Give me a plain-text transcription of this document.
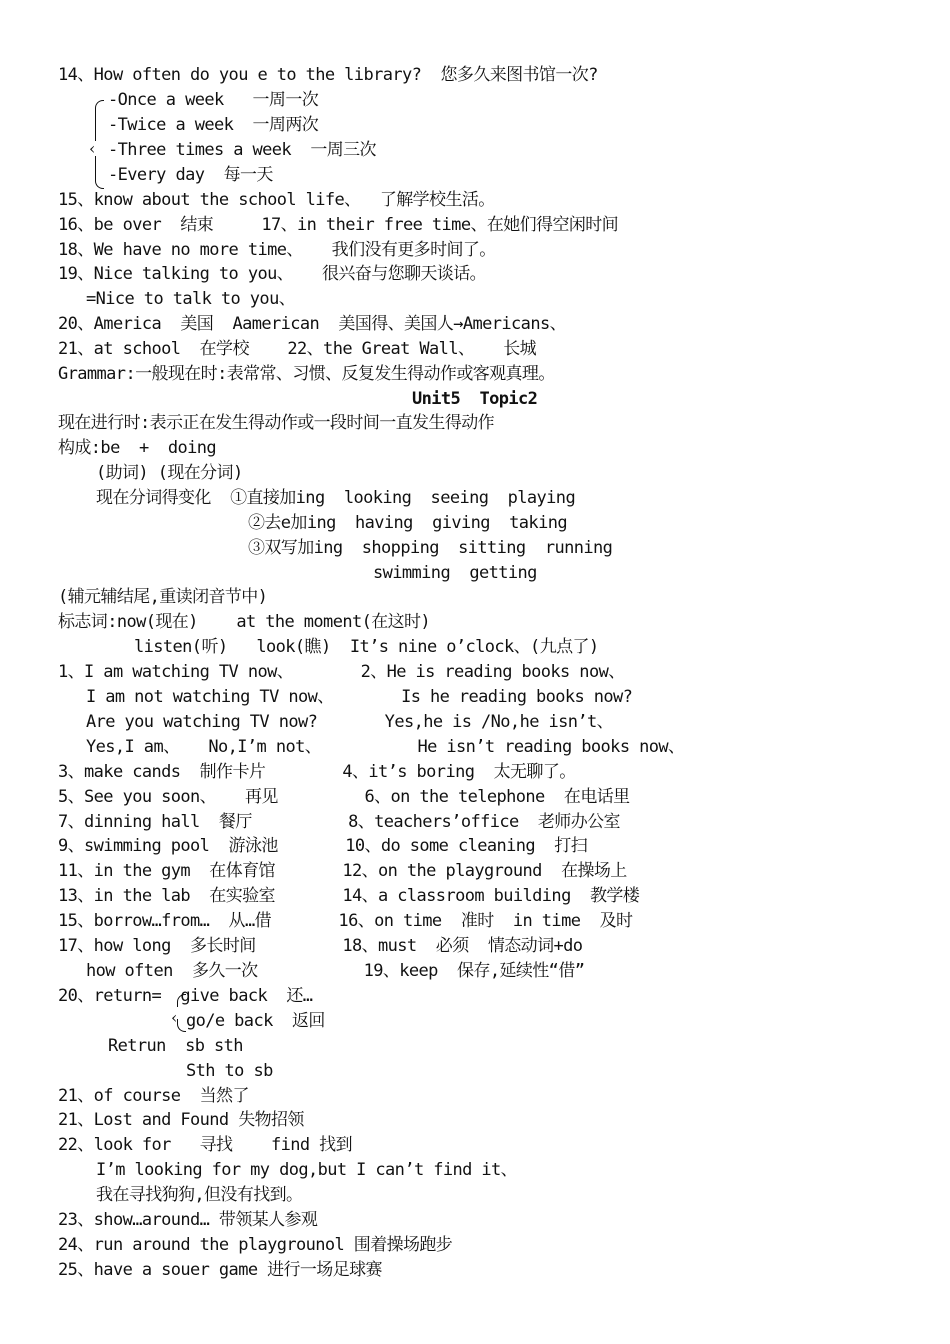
‹
‹
14、How often do you e to the library?  您多久来图书馆一次?
-Once a week   一周一次
-Twice a week  一周两次
-Three times a week  一周三次
-Every day  每一天
15、know about the school life、  了解学校生活。
16、be over  结束     17、in their free time、在她们得空闲时间
18、We have no more time、   我们没有更多时间了。
19、Nice talking to you、   很兴奋与您聊天谈话。
=Nice to talk to you、
20、America  美国  Aamerican  美国得、美国人→Americans、
21、at school  在学校    22、the Great Wall、   长城
Grammar:一般现在时:表常常、习惯、反复发生得动作或客观真理。
Unit5  Topic2
现在进行时:表示正在发生得动作或一段时间一直发生得动作
构成:be  +  doing
(助词) (现在分词)
现在分词得变化  ①直接加ing  looking  seeing  playing
②去e加ing  having  giving  taking
③双写加ing  shopping  sitting  running
swimming  getting
(辅元辅结尾,重读闭音节中)
标志词:now(现在)    at the moment(在这时)
listen(听)   look(瞧)  It’s nine o’clock、(九点了)
1、I am watching TV now、       2、He is reading books now、
I am not watching TV now、       Is he reading books now?
Are you watching TV now?       Yes,he is /No,he isn’t、
Yes,I am、   No,I’m not、          He isn’t reading books now、
3、make cands  制作卡片        4、it’s boring  太无聊了。
5、See you soon、   再见         6、on the telephone  在电话里
7、dinning hall  餐厅          8、teachers’office  老师办公室
9、swimming pool  游泳池       10、do some cleaning  打扫
11、in the gym  在体育馆       12、on the playground  在操场上
13、in the lab  在实验室       14、a classroom building  教学楼
15、borrow…from…  从…借       16、on time  准时  in time  及时
17、how long  多长时间         18、must  必须  情态动词+do
how often  多久一次           19、keep  保存,延续性“借”
20、return=  give back  还…
go/e back  返回
Retrun  sb sth
Sth to sb
21、of course  当然了
21、Lost and Found 失物招领
22、look for   寻找    find 找到
I’m looking for my dog,but I can’t find it、
我在寻找狗狗,但没有找到。
23、show…around… 带领某人参观
24、run around the playgrounol 围着操场跑步
25、have a souer game 进行一场足球赛
